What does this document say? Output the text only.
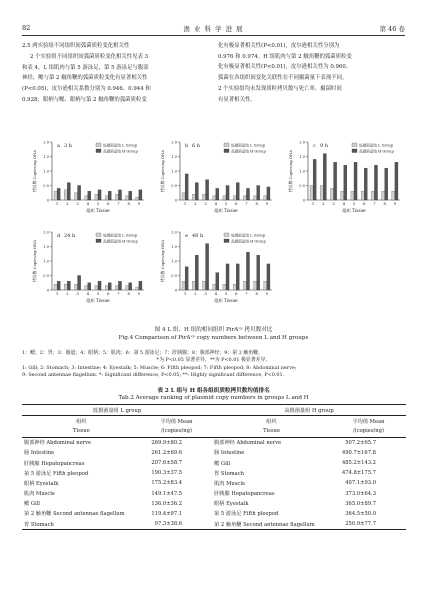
82	渔 业 科 学 进 展	第 46 卷
2.5 两实验组不同组织间弧菌质粒变化相关性
2 个实验组不同组织间弧菌质粒变化相关性见表 3
和表 4。L 组肌肉与第 5 游泳足、第 5 游泳足与腹部
神经、鳃与第 2 触角鞭的弧菌质粒变化有显著相关性
(P<0.05)，皮尔逊相关系数分别为 0.946、0.944 和
0.928；眼柄与鳃、眼柄与第 2 触角鞭的弧菌质粒变
化有极显著相关性(P<0.01)，皮尔逊相关性分别为
0.976 和 0.974。H 组肌肉与第 2 触角鞭的弧菌质粒变
化有极显著相关性(P<0.01)，皮尔逊相关性为 0.960。
弧菌在各组织间变化关联性在不同摄菌量下表现不同。
2 个实验组均未发现质粒拷贝数与死亡率、摄菌时间
有显著相关性。
0
0.5
1.0
1.5
2.0
a 3 h	低摄菌量组 L Group
高摄菌量组 H Group
1 2 3 4 5 6 7 8 9
组织 Tissue
拷贝数 Copies/ng DNA
0
0.5
1.0
1.5
2.0
b 6 h	低摄菌量组 L Group
高摄菌量组 H Group
1 2 3 4 5 6 7 8 9
组织 Tissue
拷贝数 Copies/ng DNA
0
0.5
1.0
1.5
2.0
c 9 h	低摄菌量组 L Group
高摄菌量组 H Group
1 2 3 4 5 6 7 8 9
组织 Tissue
拷贝数 Copies/ng DNA
0
0.5
1.0
1.5
2.0
d 24 h	低摄菌量组 L Group
高摄菌量组 H Group
1 2 3 4 5 6 7 8 9
组织 Tissue
拷贝数 Copies/ng DNA
0
0.5
1.0
1.5
2.0
e 48 h	低摄菌量组 L Group
高摄菌量组 H Group
1 2 3 4 5 6 7 8 9
组织 Tissue
拷贝数 Copies/ng DNA
图 4 L 组、H 组的相同组织 PirAᵛᵖ 拷贝数对比
Fig.4 Comparison of PirAᵛᵖ copy numbers between L and H groups
1：鳃；2：胃；3：肠道；4：眼柄；5：肌肉；6：第 5 游泳足；7：肝胰腺；8：腹部神经；9：第 2 触角鞭。
*为 P<0.05 显著差异，**为 P<0.01 极显著差异。
1: Gill; 2: Stomach; 3: Intestine; 4: Eyestalk; 5: Muscle; 6: Fifth pleopod; 7: Fifth pleopod; 8: Abdominal nerve;
9: Second antennae flagellum. *: Significant difference, P<0.05; **: Highly significant difference, P<0.01.
表 2 L 组与 H 组各组织质粒拷贝数均值排名
Tab.2 Average ranking of plasmid copy numbers in groups L and H
低摄菌量组 L group		高摄菌量组 H group	
组织	平均值 Mean	组织	平均值 Mean
Tissue	/(copies/ng)	Tissue	/(copies/ng)
腹部神经 Abdominal nerve	269.9±80.2	腹部神经 Abdominal nerve	507.2±65.7
肠 Intestine	261.2±69.6	肠 Intestine	490.7±167.8
肝胰腺 Hepatopancreas	207.6±58.7	鳃 Gill	485.2±143.2
第 5 游泳足 Fifth pleopod	190.3±37.5	胃 Stomach	474.8±175.7
眼柄 Eyestalk	175.2±83.4	肌肉 Muscle	407.1±93.0
肌肉 Muscle	149.1±47.5	肝胰腺 Hepatopancreas	373.0±64.3
鳃 Gill	136.0±36.2	眼柄 Eyestalk	365.0±89.7
第 2 触角鞭 Second antennae flagellum	119.4±97.1	第 5 游泳足 Fifth pleopod	364.5±50.0
胃 Stomach	97.3±38.6	第 2 触角鞭 Second antennae flagellum	250.9±77.7
